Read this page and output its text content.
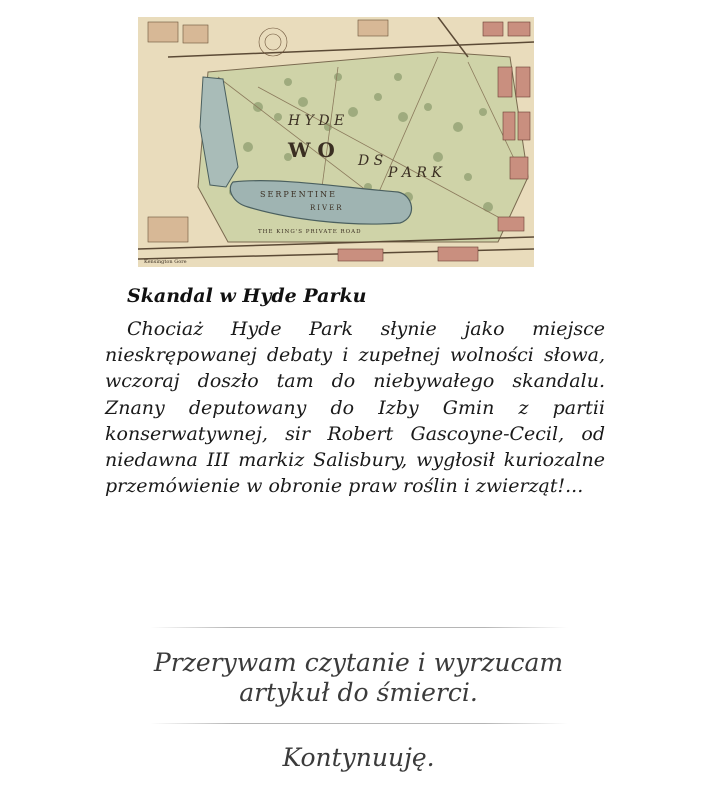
H Y D E
P A R K
W O D S
SERPENTINE
RIVER
THE KING'S PRIVATE ROAD
Kensington Gore
Skandal w Hyde Parku

Chociaż Hyde Park słynie jako miejsce nieskrępowanej debaty i zupełnej wolności słowa, wczoraj doszło tam do niebywałego skandalu. Znany deputowany do Izby Gmin z partii konserwatywnej, sir Robert Gascoyne-Cecil, od niedawna III markiz Salisbury, wygłosił kuriozalne przemówienie w obronie praw roślin i zwierząt!...

Przerywam czytanie i wyrzucam artykuł do śmierci.
Kontynuuję.
